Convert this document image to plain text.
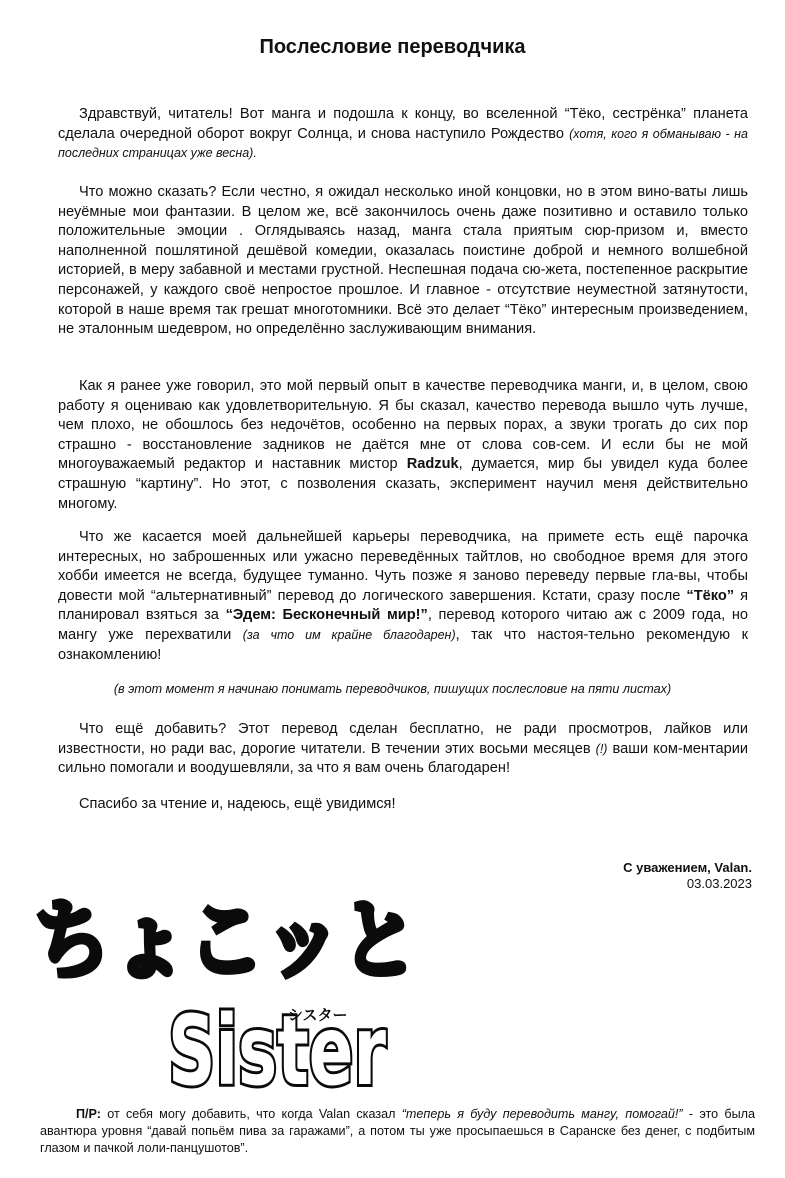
Послесловие переводчика

Здравствуй, читатель! Вот манга и подошла к концу, во вселенной “Тёко, сестрёнка” планета сделала очередной оборот вокруг Солнца, и снова наступило Рождество (хотя, кого я обманываю - на последних страницах уже весна).

Что можно сказать? Если честно, я ожидал несколько иной концовки, но в этом вино-ваты лишь неуёмные мои фантазии. В целом же, всё закончилось очень даже позитивно и оставило только положительные эмоции . Оглядываясь назад, манга стала приятым сюр-призом и, вместо наполненной пошлятиной дешёвой комедии, оказалась поистине доброй и немного волшебной историей, в меру забавной и местами грустной. Неспешная подача сю-жета, постепенное раскрытие персонажей, у каждого своё непростое прошлое. И главное - отсутствие неуместной затянутости, которой в наше время так грешат многотомники. Всё это делает “Тёко” интересным произведением, не эталонным шедевром, но определённо заслуживающим внимания.

Как я ранее уже говорил, это мой первый опыт в качестве переводчика манги, и, в целом, свою работу я оцениваю как удовлетворительную. Я бы сказал, качество перевода вышло чуть лучше, чем плохо, не обошлось без недочётов, особенно на первых порах, а звуки трогать до сих пор страшно - восстановление задников не даётся мне от слова сов-сем. И если бы не мой многоуважаемый редактор и наставник мистор Radzuk, думается, мир бы увидел куда более страшную “картину”. Но этот, с позволения сказать, эксперимент научил меня действительно многому.

Что же касается моей дальнейшей карьеры переводчика, на примете есть ещё парочка интересных, но заброшенных или ужасно переведённых тайтлов, но свободное время для этого хобби имеется не всегда, будущее туманно. Чуть позже я заново переведу первые гла-вы, чтобы довести мой “альтернативный” перевод до логического завершения. Кстати, сразу после “Тёко” я планировал взяться за “Эдем: Бесконечный мир!”, перевод которого читаю аж с 2009 года, но мангу уже перехватили (за что им крайне благодарен), так что настоя-тельно рекомендую к ознакомлению!

(в этот момент я начинаю понимать переводчиков, пишущих послесловие на пяти листах)

Что ещё добавить? Этот перевод сделан бесплатно, не ради просмотров, лайков или известности, но ради вас, дорогие читатели. В течении этих восьми месяцев (!) ваши ком-ментарии сильно помогали и воодушевляли, за что я вам очень благодарен!

Спасибо за чтение и, надеюсь, ещё увидимся!

С уважением, Valan.
03.03.2023
ちょこッと
Sister
シスター
П/Р: от себя могу добавить, что когда Valan сказал “теперь я буду переводить мангу, помогай!” - это была авантюра уровня “давай попьём пива за гаражами”, а потом ты уже просыпаешься в Саранске без денег, с подбитым глазом и пачкой лоли-панцушотов”.
